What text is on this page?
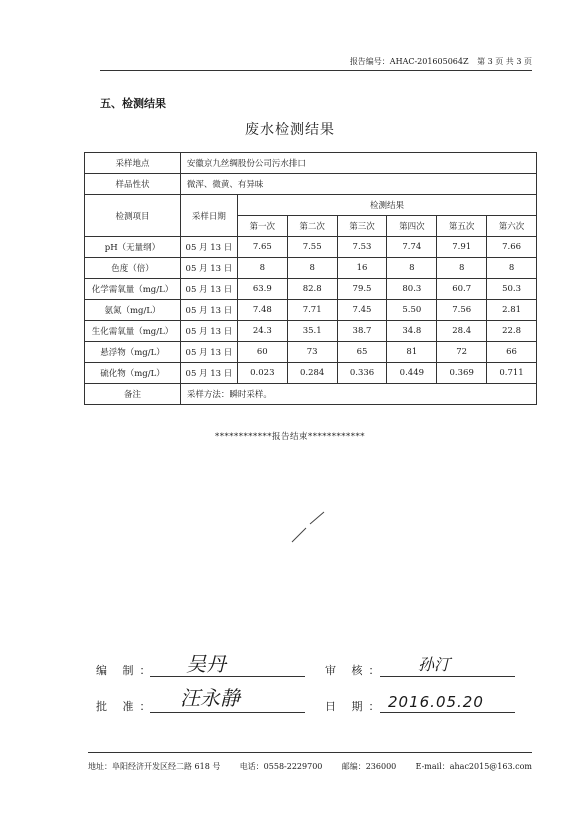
报告编号：AHAC-201605064Z 第 3 页 共 3 页
五、检测结果
废水检测结果
采样地点	安徽京九丝绸股份公司污水排口						
样品性状	微浑、微黄、有异味						
检测项目	采样日期	检测结果					
		第一次	第二次	第三次	第四次	第五次	第六次
pH（无量纲）	05 月 13 日	7.65	7.55	7.53	7.74	7.91	7.66
色度（倍）	05 月 13 日	8	8	16	8	8	8
化学需氧量（mg/L）	05 月 13 日	63.9	82.8	79.5	80.3	60.7	50.3
氨氮（mg/L）	05 月 13 日	7.48	7.71	7.45	5.50	7.56	2.81
生化需氧量（mg/L）	05 月 13 日	24.3	35.1	38.7	34.8	28.4	22.8
悬浮物（mg/L）	05 月 13 日	60	73	65	81	72	66
硫化物（mg/L）	05 月 13 日	0.023	0.284	0.336	0.449	0.369	0.711
备注	采样方法：瞬时采样。						
************报告结束************
编 制： 吴丹	审 核： 孙汀
批 准： 汪永静	日 期： 2016.05.20
地址：阜阳经济开发区经二路 618 号 电话：0558-2229700 邮编：236000 E-mail：ahac2015@163.com
